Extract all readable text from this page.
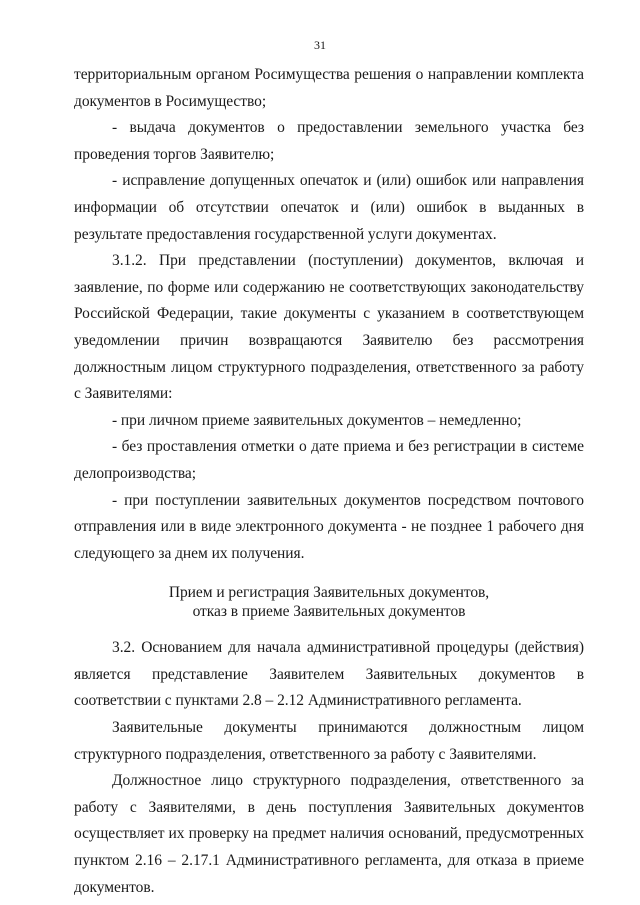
31

территориальным органом Росимущества решения о направлении комплекта документов в Росимущество;

- выдача документов о предоставлении земельного участка без проведения торгов Заявителю;

- исправление допущенных опечаток и (или) ошибок или направления информации об отсутствии опечаток и (или) ошибок в выданных в результате предоставления государственной услуги документах.

3.1.2. При представлении (поступлении) документов, включая и заявление, по форме или содержанию не соответствующих законодательству Российской Федерации, такие документы с указанием в соответствующем уведомлении причин возвращаются Заявителю без рассмотрения должностным лицом структурного подразделения, ответственного за работу с Заявителями:

- при личном приеме заявительных документов – немедленно;

- без проставления отметки о дате приема и без регистрации в системе делопроизводства;

- при поступлении заявительных документов посредством почтового отправления или в виде электронного документа - не позднее 1 рабочего дня следующего за днем их получения.

Прием и регистрация Заявительных документов,
отказ в приеме Заявительных документов

3.2. Основанием для начала административной процедуры (действия) является представление Заявителем Заявительных документов в соответствии с пунктами 2.8 – 2.12 Административного регламента.

Заявительные документы принимаются должностным лицом структурного подразделения, ответственного за работу с Заявителями.

Должностное лицо структурного подразделения, ответственного за работу с Заявителями, в день поступления Заявительных документов осуществляет их проверку на предмет наличия оснований, предусмотренных пунктом 2.16 – 2.17.1 Административного регламента, для отказа в приеме документов.
